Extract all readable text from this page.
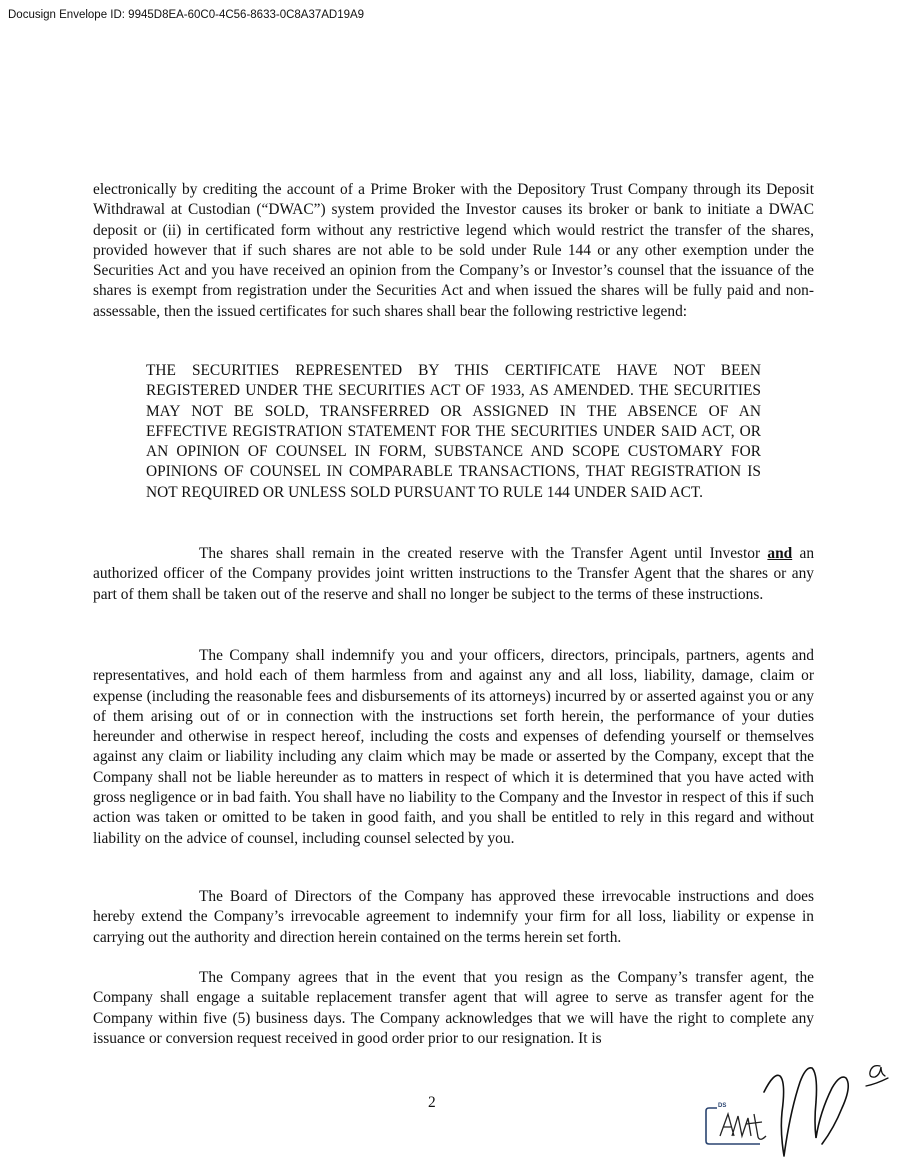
Docusign Envelope ID: 9945D8EA-60C0-4C56-8633-0C8A37AD19A9

electronically by crediting the account of a Prime Broker with the Depository Trust Company through its Deposit Withdrawal at Custodian (“DWAC”) system provided the Investor causes its broker or bank to initiate a DWAC deposit or (ii) in certificated form without any restrictive legend which would restrict the transfer of the shares, provided however that if such shares are not able to be sold under Rule 144 or any other exemption under the Securities Act and you have received an opinion from the Company’s or Investor’s counsel that the issuance of the shares is exempt from registration under the Securities Act and when issued the shares will be fully paid and non-assessable, then the issued certificates for such shares shall bear the following restrictive legend:

THE SECURITIES REPRESENTED BY THIS CERTIFICATE HAVE NOT BEEN REGISTERED UNDER THE SECURITIES ACT OF 1933, AS AMENDED. THE SECURITIES MAY NOT BE SOLD, TRANSFERRED OR ASSIGNED IN THE ABSENCE OF AN EFFECTIVE REGISTRATION STATEMENT FOR THE SECURITIES UNDER SAID ACT, OR AN OPINION OF COUNSEL IN FORM, SUBSTANCE AND SCOPE CUSTOMARY FOR OPINIONS OF COUNSEL IN COMPARABLE TRANSACTIONS, THAT REGISTRATION IS NOT REQUIRED OR UNLESS SOLD PURSUANT TO RULE 144 UNDER SAID ACT.

The shares shall remain in the created reserve with the Transfer Agent until Investor and an authorized officer of the Company provides joint written instructions to the Transfer Agent that the shares or any part of them shall be taken out of the reserve and shall no longer be subject to the terms of these instructions.

The Company shall indemnify you and your officers, directors, principals, partners, agents and representatives, and hold each of them harmless from and against any and all loss, liability, damage, claim or expense (including the reasonable fees and disbursements of its attorneys) incurred by or asserted against you or any of them arising out of or in connection with the instructions set forth herein, the performance of your duties hereunder and otherwise in respect hereof, including the costs and expenses of defending yourself or themselves against any claim or liability including any claim which may be made or asserted by the Company, except that the Company shall not be liable hereunder as to matters in respect of which it is determined that you have acted with gross negligence or in bad faith. You shall have no liability to the Company and the Investor in respect of this if such action was taken or omitted to be taken in good faith, and you shall be entitled to rely in this regard and without liability on the advice of counsel, including counsel selected by you.

The Board of Directors of the Company has approved these irrevocable instructions and does hereby extend the Company’s irrevocable agreement to indemnify your firm for all loss, liability or expense in carrying out the authority and direction herein contained on the terms herein set forth.

The Company agrees that in the event that you resign as the Company’s transfer agent, the Company shall engage a suitable replacement transfer agent that will agree to serve as transfer agent for the Company within five (5) business days. The Company acknowledges that we will have the right to complete any issuance or conversion request received in good order prior to our resignation. It is

2	DS
